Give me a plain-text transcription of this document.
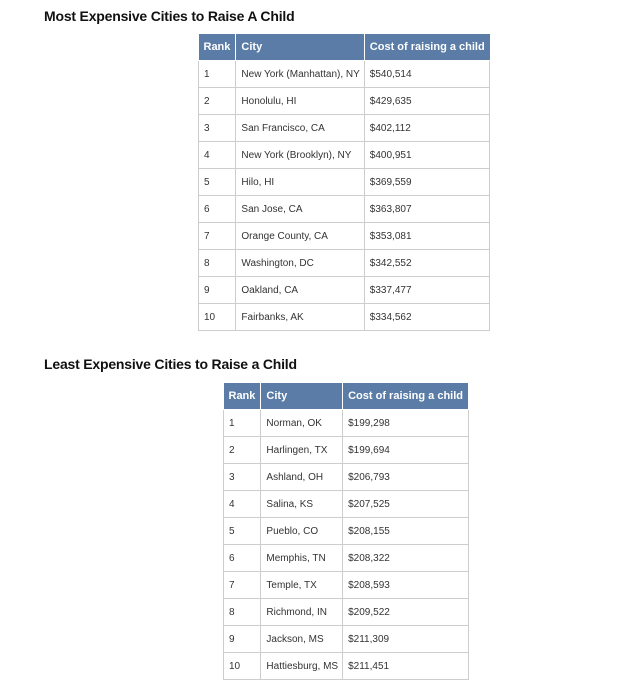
Most Expensive Cities to Raise A Child
Rank	City	Cost of raising a child
1	New York (Manhattan), NY	$540,514
2	Honolulu, HI	$429,635
3	San Francisco, CA	$402,112
4	New York (Brooklyn), NY	$400,951
5	Hilo, HI	$369,559
6	San Jose, CA	$363,807
7	Orange County, CA	$353,081
8	Washington, DC	$342,552
9	Oakland, CA	$337,477
10	Fairbanks, AK	$334,562
Least Expensive Cities to Raise a Child
Rank	City	Cost of raising a child
1	Norman, OK	$199,298
2	Harlingen, TX	$199,694
3	Ashland, OH	$206,793
4	Salina, KS	$207,525
5	Pueblo, CO	$208,155
6	Memphis, TN	$208,322
7	Temple, TX	$208,593
8	Richmond, IN	$209,522
9	Jackson, MS	$211,309
10	Hattiesburg, MS	$211,451
